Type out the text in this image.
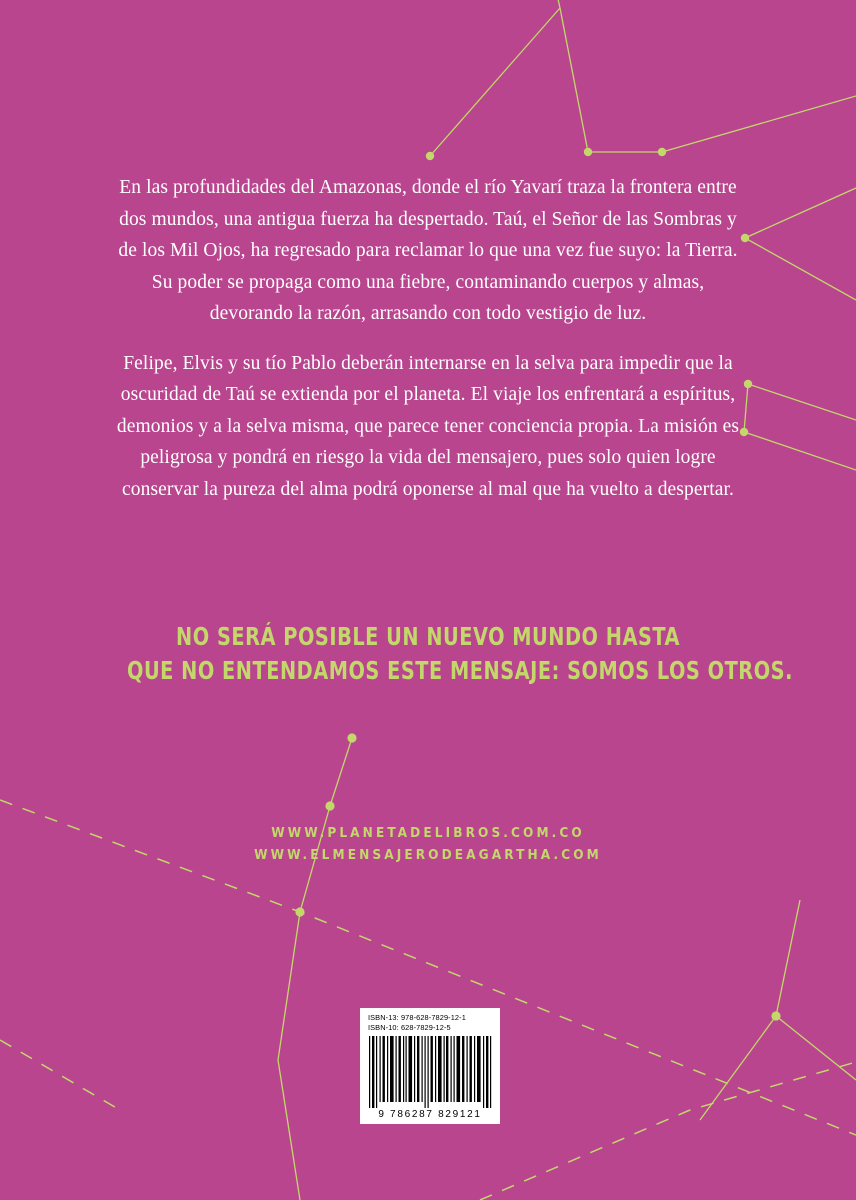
En las profundidades del Amazonas, donde el río Yavarí traza la frontera entre dos mundos, una antigua fuerza ha despertado. Taú, el Señor de las Sombras y de los Mil Ojos, ha regresado para reclamar lo que una vez fue suyo: la Tierra. Su poder se propaga como una fiebre, contaminando cuerpos y almas, devorando la razón, arrasando con todo vestigio de luz.

Felipe, Elvis y su tío Pablo deberán internarse en la selva para impedir que la oscuridad de Taú se extienda por el planeta. El viaje los enfrentará a espíritus, demonios y a la selva misma, que parece tener conciencia propia. La misión es peligrosa y pondrá en riesgo la vida del mensajero, pues solo quien logre conservar la pureza del alma podrá oponerse al mal que ha vuelto a despertar.

NO SERÁ POSIBLE UN NUEVO MUNDO HASTA
QUE NO ENTENDAMOS ESTE MENSAJE: SOMOS LOS OTROS.
WWW.PLANETADELIBROS.COM.CO
WWW.ELMENSAJERODEAGARTHA.COM
ISBN-13: 978-628-7829-12-1
ISBN-10: 628-7829-12-5
9 786287 829121
